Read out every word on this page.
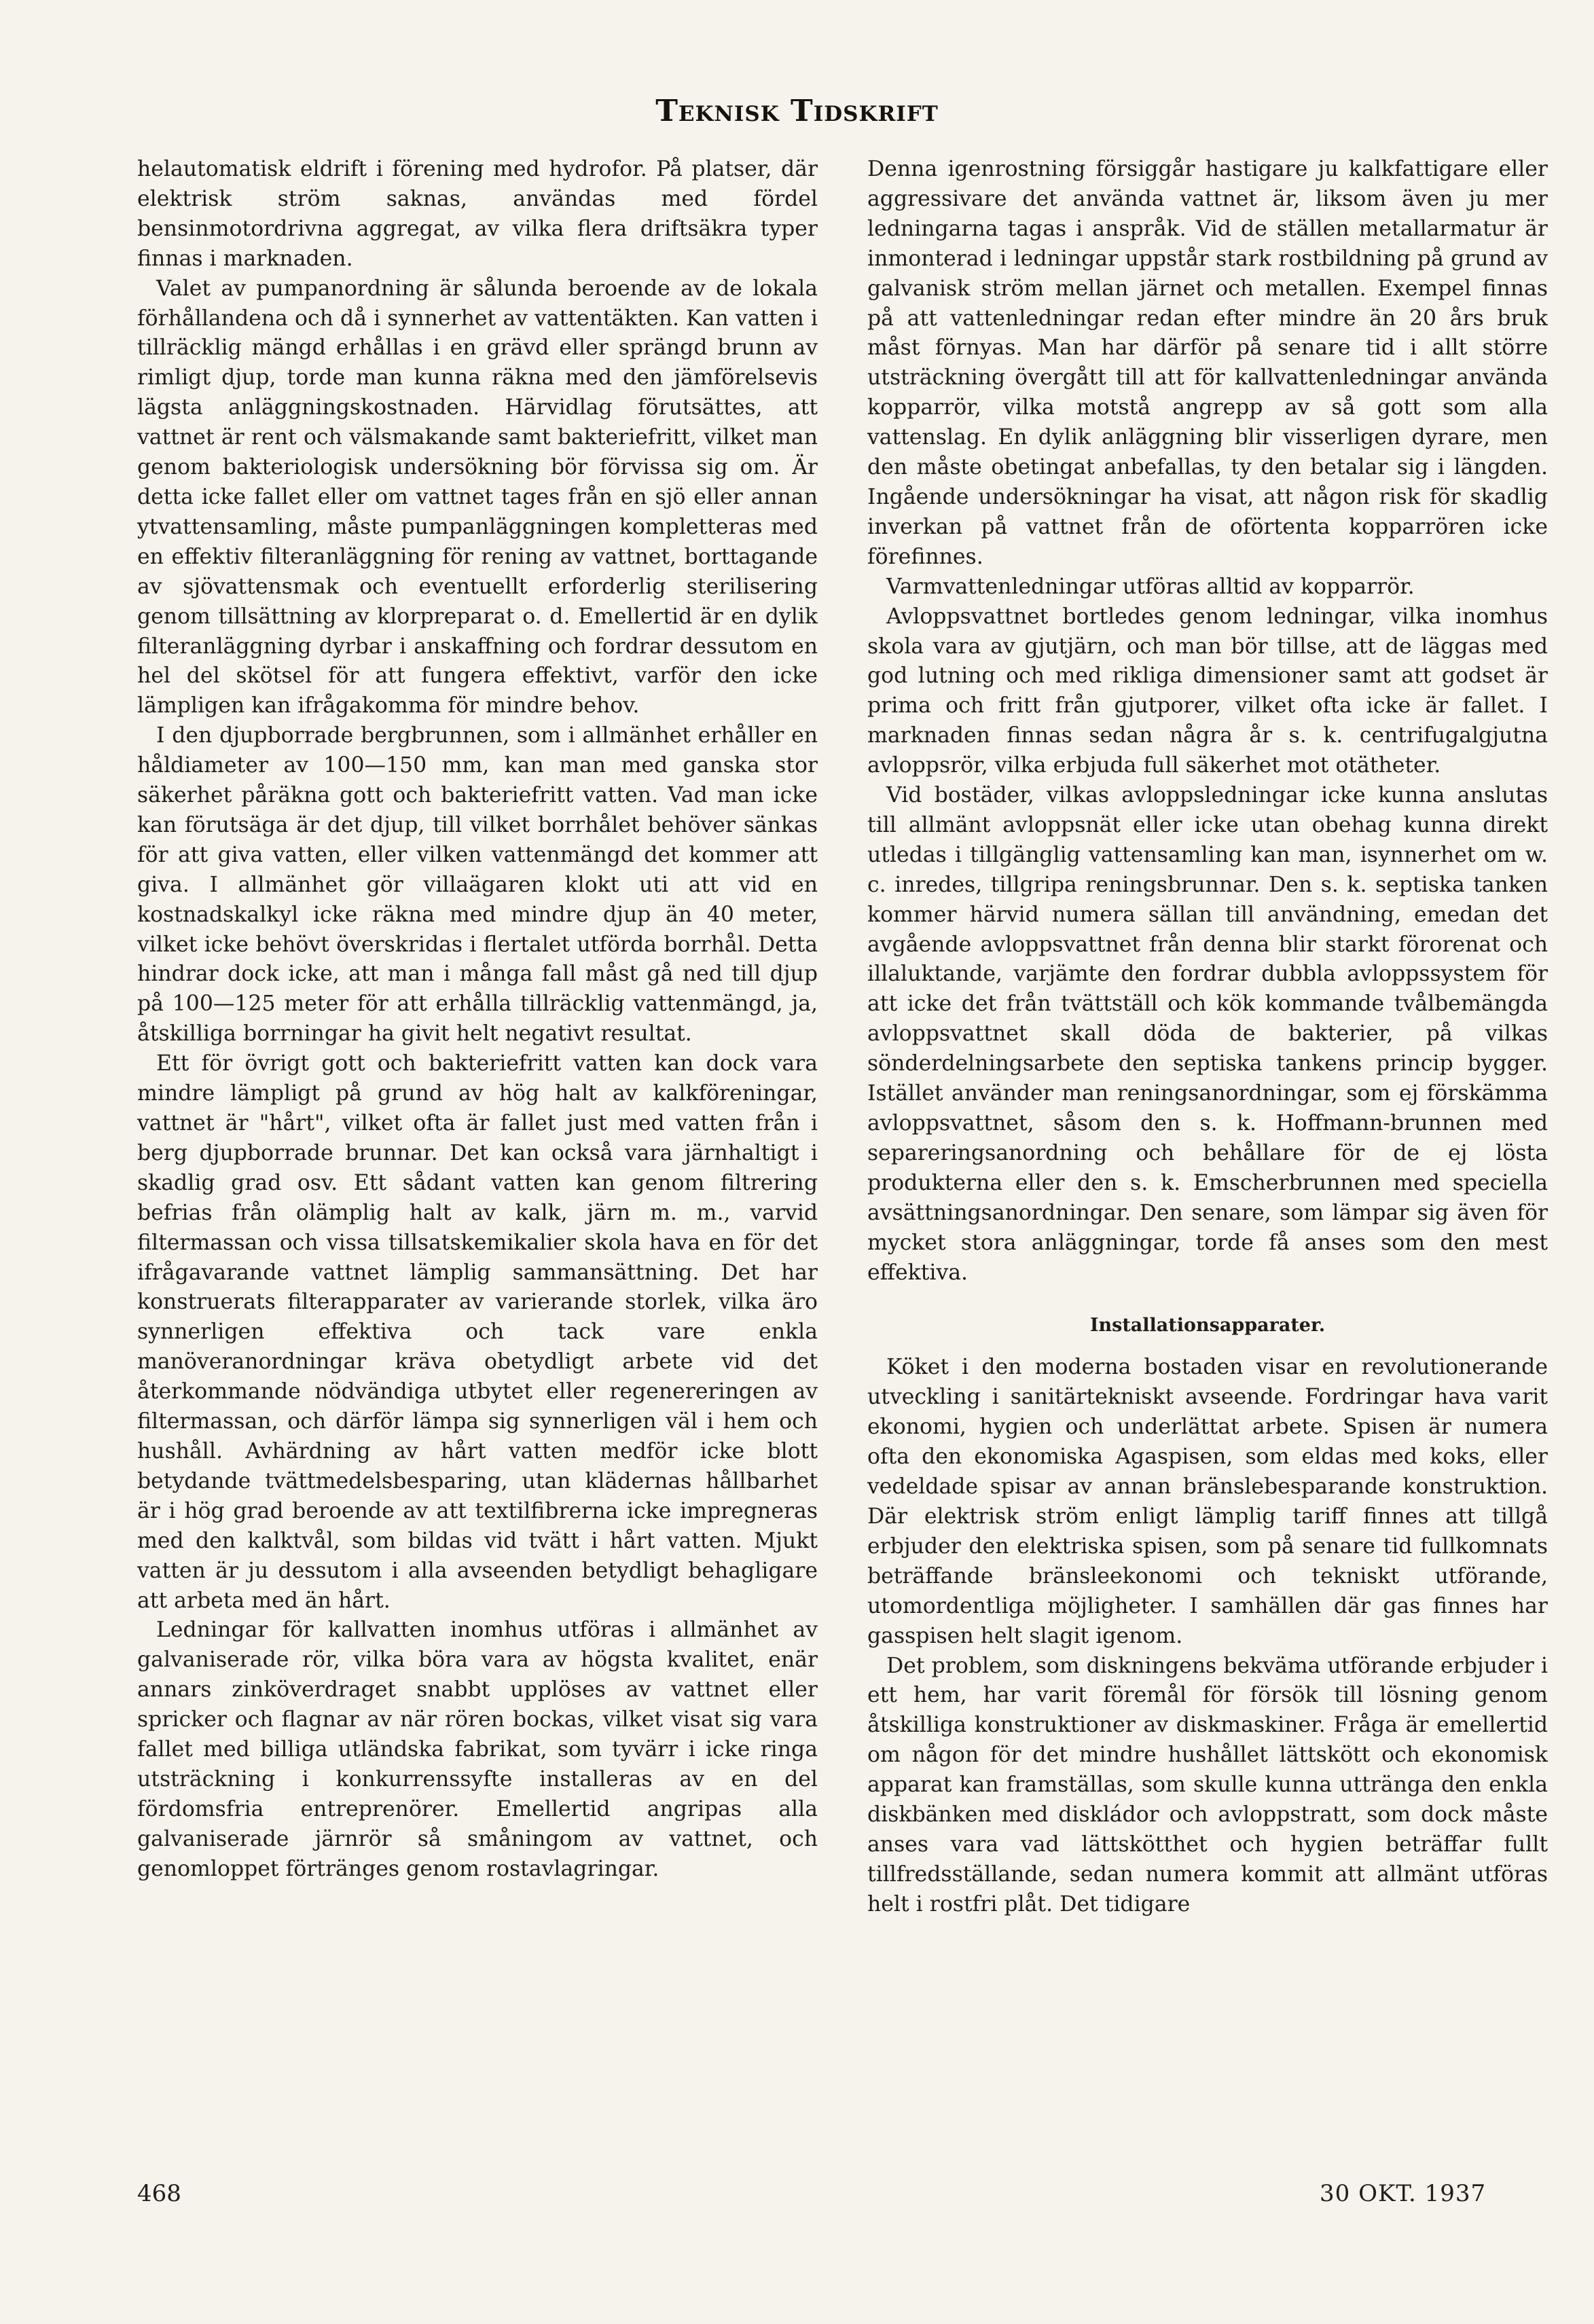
Teknisk Tidskrift

helautomatisk eldrift i förening med hydrofor. På platser, där elektrisk ström saknas, användas med fördel bensinmotordrivna aggregat, av vilka flera driftsäkra typer finnas i marknaden.

Valet av pumpanordning är sålunda beroende av de lokala förhållandena och då i synnerhet av vattentäkten. Kan vatten i tillräcklig mängd erhållas i en grävd eller sprängd brunn av rimligt djup, torde man kunna räkna med den jämförelsevis lägsta anläggningskostnaden. Härvidlag förutsättes, att vattnet är rent och välsmakande samt bakteriefritt, vilket man genom bakteriologisk undersökning bör förvissa sig om. Är detta icke fallet eller om vattnet tages från en sjö eller annan ytvattensamling, måste pumpanläggningen kompletteras med en effektiv filteranläggning för rening av vattnet, borttagande av sjövattensmak och eventuellt erforderlig sterilisering genom tillsättning av klorpreparat o. d. Emellertid är en dylik filteranläggning dyrbar i anskaffning och fordrar dessutom en hel del skötsel för att fungera effektivt, varför den icke lämpligen kan ifrågakomma för mindre behov.

I den djupborrade bergbrunnen, som i allmänhet erhåller en håldiameter av 100—150 mm, kan man med ganska stor säkerhet påräkna gott och bakteriefritt vatten. Vad man icke kan förutsäga är det djup, till vilket borrhålet behöver sänkas för att giva vatten, eller vilken vattenmängd det kommer att giva. I allmänhet gör villaägaren klokt uti att vid en kostnadskalkyl icke räkna med mindre djup än 40 meter, vilket icke behövt överskridas i flertalet utförda borrhål. Detta hindrar dock icke, att man i många fall måst gå ned till djup på 100—125 meter för att erhålla tillräcklig vattenmängd, ja, åtskilliga borrningar ha givit helt negativt resultat.

Ett för övrigt gott och bakteriefritt vatten kan dock vara mindre lämpligt på grund av hög halt av kalkföreningar, vattnet är "hårt", vilket ofta är fallet just med vatten från i berg djupborrade brunnar. Det kan också vara järnhaltigt i skadlig grad osv. Ett sådant vatten kan genom filtrering befrias från olämplig halt av kalk, järn m. m., varvid filtermassan och vissa tillsatskemikalier skola hava en för det ifrågavarande vattnet lämplig sammansättning. Det har konstruerats filterapparater av varierande storlek, vilka äro synnerligen effektiva och tack vare enkla manöveranordningar kräva obetydligt arbete vid det återkommande nödvändiga utbytet eller regenereringen av filtermassan, och därför lämpa sig synnerligen väl i hem och hushåll. Avhärdning av hårt vatten medför icke blott betydande tvättmedelsbesparing, utan klädernas hållbarhet är i hög grad beroende av att textilfibrerna icke impregneras med den kalktvål, som bildas vid tvätt i hårt vatten. Mjukt vatten är ju dessutom i alla avseenden betydligt behagligare att arbeta med än hårt.

Ledningar för kallvatten inomhus utföras i allmänhet av galvaniserade rör, vilka böra vara av högsta kvalitet, enär annars zinköverdraget snabbt upplöses av vattnet eller spricker och flagnar av när rören bockas, vilket visat sig vara fallet med billiga utländska fabrikat, som tyvärr i icke ringa utsträckning i konkurrenssyfte installeras av en del fördomsfria entreprenörer. Emellertid angripas alla galvaniserade järnrör så småningom av vattnet, och genomloppet förtränges genom rostavlagringar.

Denna igenrostning försiggår hastigare ju kalkfattigare eller aggressivare det använda vattnet är, liksom även ju mer ledningarna tagas i anspråk. Vid de ställen metallarmatur är inmonterad i ledningar uppstår stark rostbildning på grund av galvanisk ström mellan järnet och metallen. Exempel finnas på att vattenledningar redan efter mindre än 20 års bruk måst förnyas. Man har därför på senare tid i allt större utsträckning övergått till att för kallvattenledningar använda kopparrör, vilka motstå angrepp av så gott som alla vattenslag. En dylik anläggning blir visserligen dyrare, men den måste obetingat anbefallas, ty den betalar sig i längden. Ingående undersökningar ha visat, att någon risk för skadlig inverkan på vattnet från de oförtenta kopparrören icke förefinnes.

Varmvattenledningar utföras alltid av kopparrör.

Avloppsvattnet bortledes genom ledningar, vilka inomhus skola vara av gjutjärn, och man bör tillse, att de läggas med god lutning och med rikliga dimensioner samt att godset är prima och fritt från gjutporer, vilket ofta icke är fallet. I marknaden finnas sedan några år s. k. centrifugalgjutna avloppsrör, vilka erbjuda full säkerhet mot otätheter.

Vid bostäder, vilkas avloppsledningar icke kunna anslutas till allmänt avloppsnät eller icke utan obehag kunna direkt utledas i tillgänglig vattensamling kan man, isynnerhet om w. c. inredes, tillgripa reningsbrunnar. Den s. k. septiska tanken kommer härvid numera sällan till användning, emedan det avgående avloppsvattnet från denna blir starkt förorenat och illaluktande, varjämte den fordrar dubbla avloppssystem för att icke det från tvättställ och kök kommande tvålbemängda avloppsvattnet skall döda de bakterier, på vilkas sönderdelningsarbete den septiska tankens princip bygger. Istället använder man reningsanordningar, som ej förskämma avloppsvattnet, såsom den s. k. Hoffmann-brunnen med separeringsanordning och behållare för de ej lösta produkterna eller den s. k. Emscherbrunnen med speciella avsättningsanordningar. Den senare, som lämpar sig även för mycket stora anläggningar, torde få anses som den mest effektiva.

Installationsapparater.

Köket i den moderna bostaden visar en revolutionerande utveckling i sanitärtekniskt avseende. Fordringar hava varit ekonomi, hygien och underlättat arbete. Spisen är numera ofta den ekonomiska Agaspisen, som eldas med koks, eller vedeldade spisar av annan bränslebesparande konstruktion. Där elektrisk ström enligt lämplig tariff finnes att tillgå erbjuder den elektriska spisen, som på senare tid fullkomnats beträffande bränsleekonomi och tekniskt utförande, utomordentliga möjligheter. I samhällen där gas finnes har gasspisen helt slagit igenom.

Det problem, som diskningens bekväma utförande erbjuder i ett hem, har varit föremål för försök till lösning genom åtskilliga konstruktioner av diskmaskiner. Fråga är emellertid om någon för det mindre hushållet lättskött och ekonomisk apparat kan framställas, som skulle kunna uttränga den enkla diskbänken med diskládor och avloppstratt, som dock måste anses vara vad lättskötthet och hygien beträffar fullt tillfredsställande, sedan numera kommit att allmänt utföras helt i rostfri plåt. Det tidigare

468	30 OKT. 1937
